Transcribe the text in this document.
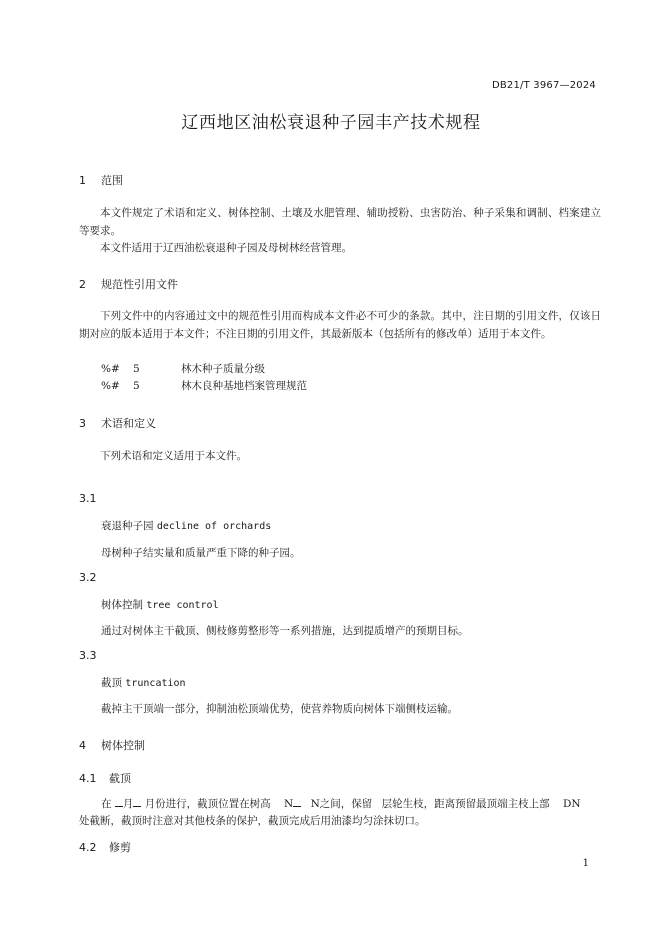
DB21/T 3967—2024
辽西地区油松衰退种子园丰产技术规程
1 范围
本文件规定了术语和定义、树体控制、土壤及水肥管理、辅助授粉、虫害防治、种子采集和调制、档案建立等要求。
本文件适用于辽西油松衰退种子园及母树林经营管理。
2 规范性引用文件
下列文件中的内容通过文中的规范性引用而构成本文件必不可少的条款。其中，注日期的引用文件，仅该日期对应的版本适用于本文件；不注日期的引用文件，其最新版本（包括所有的修改单）适用于本文件。
%# 5	林木种子质量分级
%# 5	林木良种基地档案管理规范
3 术语和定义
下列术语和定义适用于本文件。
3.1
衰退种子园 decline of orchards
母树种子结实量和质量严重下降的种子园。
3.2
树体控制 tree control
通过对树体主干截顶、侧枝修剪整形等一系列措施，达到提质增产的预期目标。
3.3
截顶 truncation
截掉主干顶端一部分，抑制油松顶端优势，使营养物质向树体下端侧枝运输。
4 树体控制
4.1 截顶
在 月 月份进行，截顶位置在树高 N N之间，保留 层轮生枝，距离预留最顶端主枝上部 DN
处截断，截顶时注意对其他枝条的保护，截顶完成后用油漆均匀涂抹切口。
4.2 修剪
1
